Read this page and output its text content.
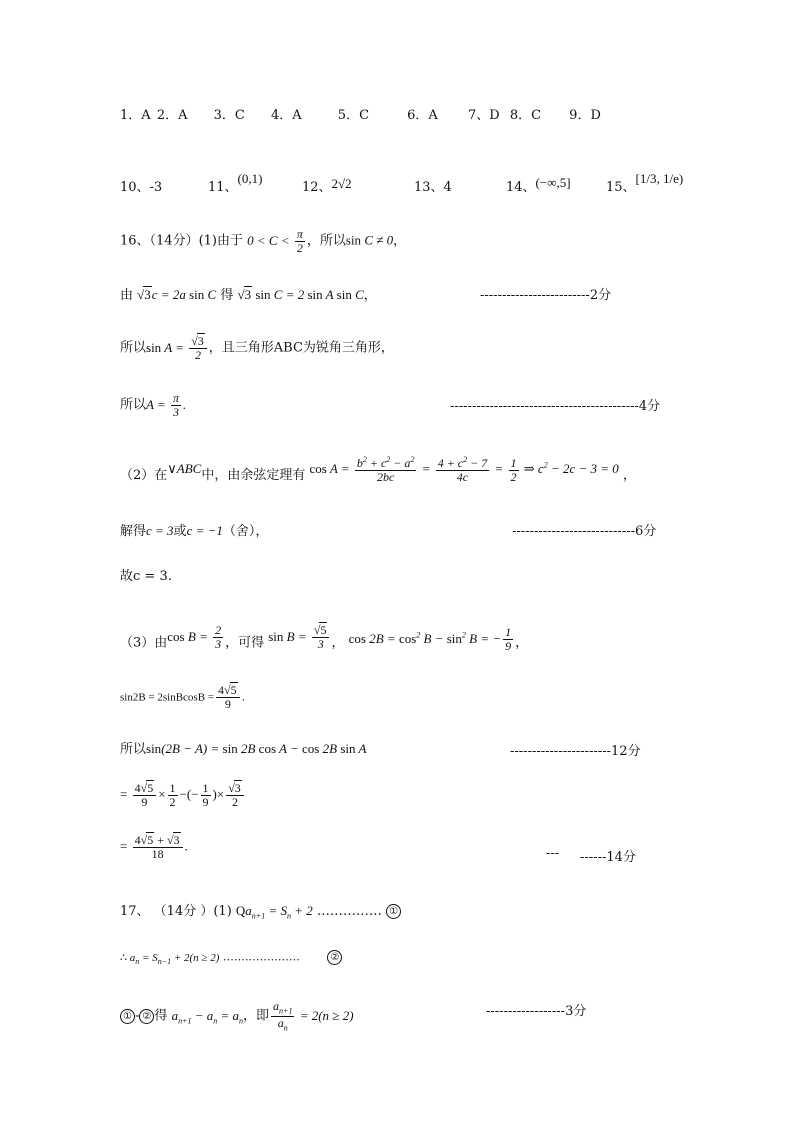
1．A 2．A 3．C 4．A	5．C	6．A 7、D 8．C 9．D
10、-3	11、(0,1)
12、2√2	13、4	14、(−∞,5]	15、[1/3, 1/e)
16、（14分）(1)由于 $0 < C < \frac{\pi}{2}$ ，所以sin C ≠ 0，
由 √3c = 2a sin C 得 √3 sin C = 2 sin A sin C，	-------------------------2分
所以$\sin A = \frac{√3}{2}$ ，且三角形ABC为锐角三角形，
所以$A = \frac{\pi}{3}$ .	-------------------------------------------4分
（2）在∨ABC中，由余弦定理有 $\cos A = \frac{b^2 + c^2 - a^2}{2bc} = \frac{4 + c^2 - 7}{4c} = \frac{1}{2}$ ⇒ $c^2 - 2c - 3 = 0$ ，
解得c = 3或c = −1（舍），	----------------------------6分
故c = 3.
（3）由$\cos B = \frac{2}{3}$ ，可得 $\sin B = \frac{√5}{3}$ ， $\cos 2B = \cos^2 B - \sin^2 B$ = − $\frac{1}{9}$ ，
sin2B = 2sinBcosB = $\frac{4√5}{9}$ .
所以sin(2B − A) = sin 2B cos A − cos 2B sin A	-----------------------12分
= $\frac{4√5}{9} \times \frac{1}{2}$ −(− $\frac{1}{9}$ )× $\frac{√3}{2}$
= $\frac{4√5 + √3}{18}$ .	--- ------14分
17、 （14分 ）(1) $Qa_{n+1} = S_n + 2$ …………… ①
∴ $a_n = S_{n-1} + 2(n \ge 2)$ …………………	②
① - ② 得 $a_{n+1} - a_n = a_n$，即 $\frac{a_{n+1}}{a_n} = 2(n \ge 2)$	------------------3分
